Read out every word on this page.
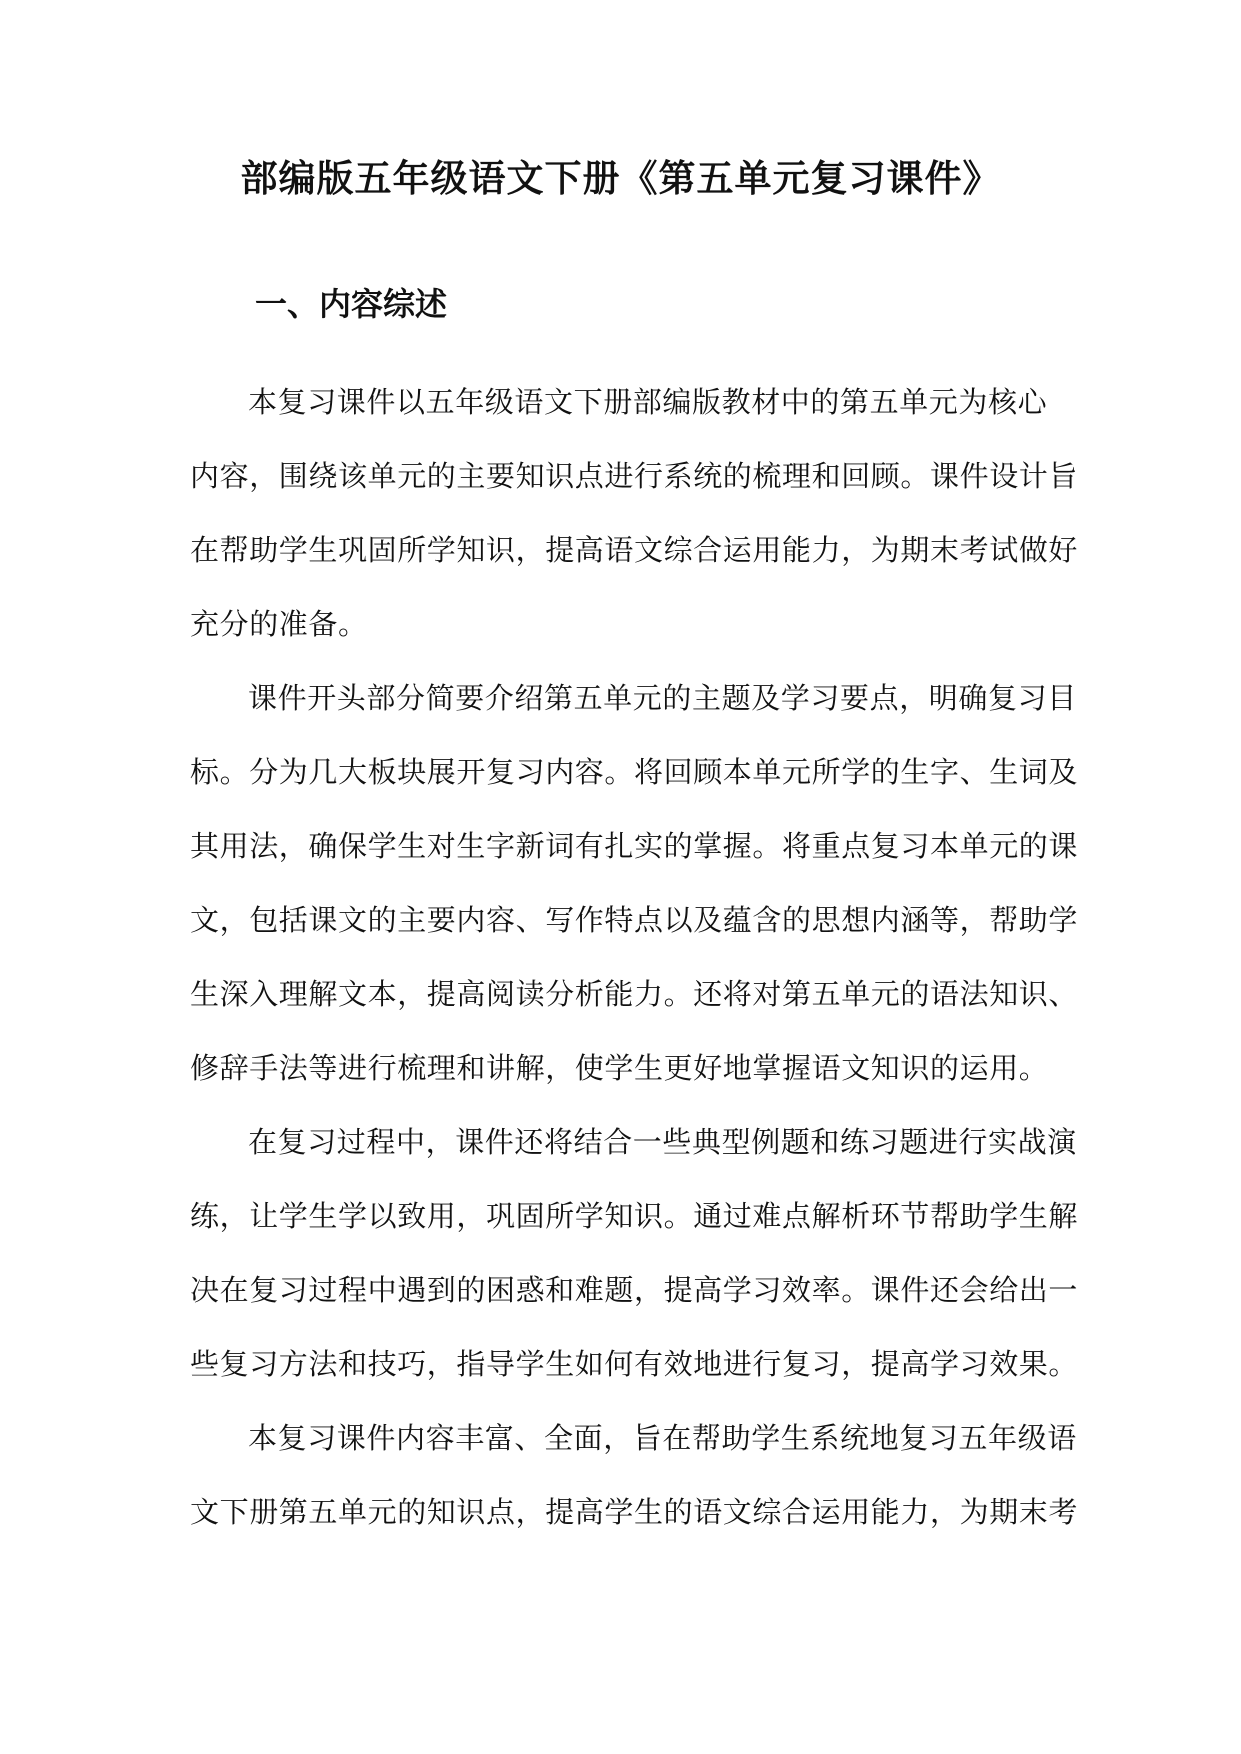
部编版五年级语文下册《第五单元复习课件》
一、内容综述

本复习课件以五年级语文下册部编版教材中的第五单元为核心
内容，围绕该单元的主要知识点进行系统的梳理和回顾。课件设计旨
在帮助学生巩固所学知识，提高语文综合运用能力，为期末考试做好
充分的准备。

课件开头部分简要介绍第五单元的主题及学习要点，明确复习目
标。分为几大板块展开复习内容。将回顾本单元所学的生字、生词及
其用法，确保学生对生字新词有扎实的掌握。将重点复习本单元的课
文，包括课文的主要内容、写作特点以及蕴含的思想内涵等，帮助学
生深入理解文本，提高阅读分析能力。还将对第五单元的语法知识、
修辞手法等进行梳理和讲解，使学生更好地掌握语文知识的运用。

在复习过程中，课件还将结合一些典型例题和练习题进行实战演
练，让学生学以致用，巩固所学知识。通过难点解析环节帮助学生解
决在复习过程中遇到的困惑和难题，提高学习效率。课件还会给出一
些复习方法和技巧，指导学生如何有效地进行复习，提高学习效果。

本复习课件内容丰富、全面，旨在帮助学生系统地复习五年级语
文下册第五单元的知识点，提高学生的语文综合运用能力，为期末考
